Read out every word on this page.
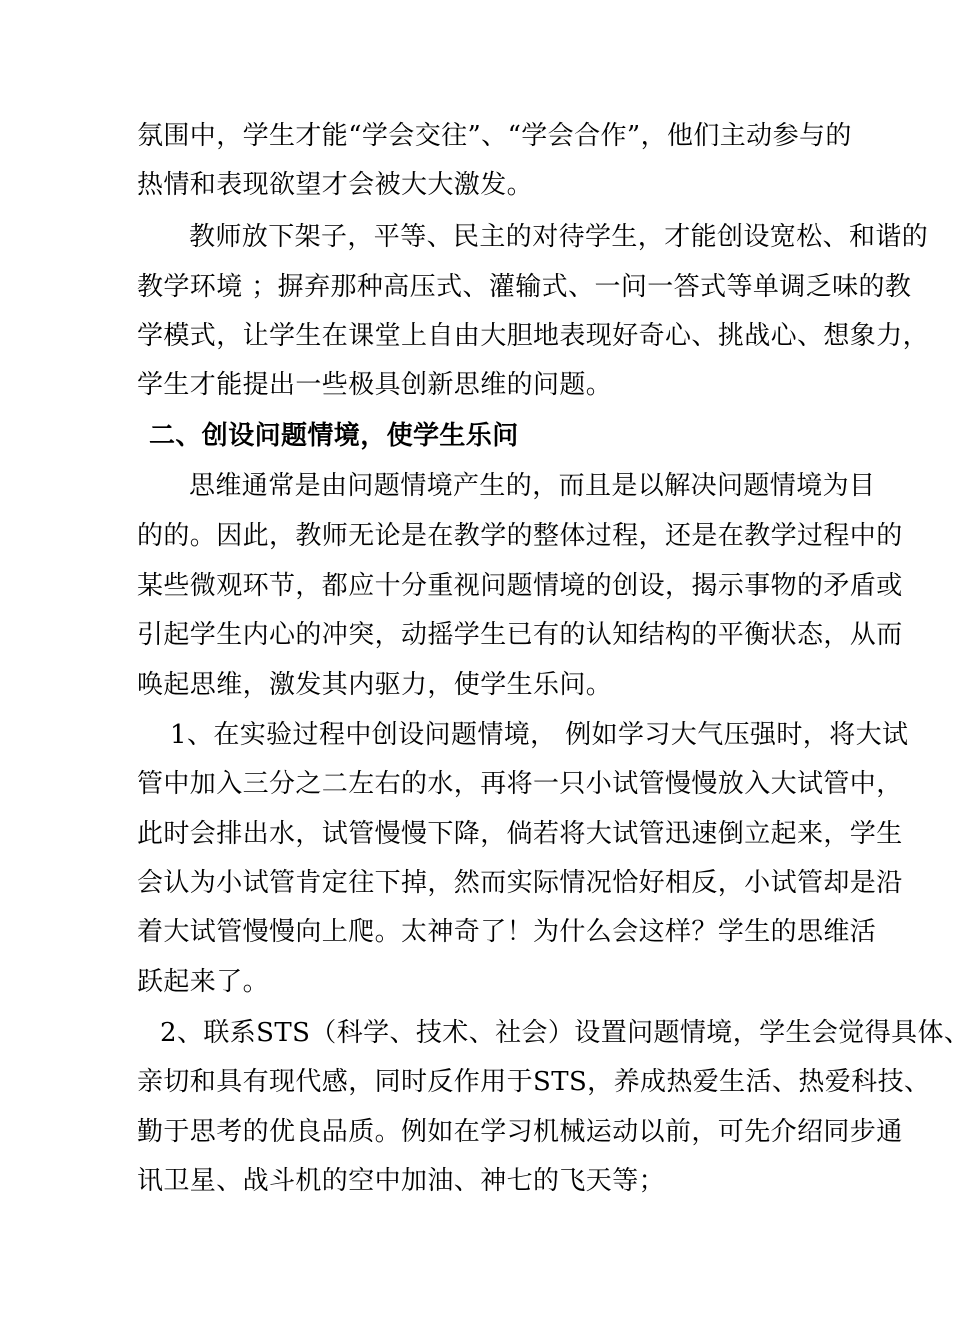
氛围中，学生才能“学会交往”、“学会合作”，他们主动参与的
热情和表现欲望才会被大大激发。
教师放下架子，平等、民主的对待学生，才能创设宽松、和谐的
教学环境 ；摒弃那种高压式、灌输式、一问一答式等单调乏味的教
学模式，让学生在课堂上自由大胆地表现好奇心、挑战心、想象力，
学生才能提出一些极具创新思维的问题。
二、创设问题情境，使学生乐问
思维通常是由问题情境产生的，而且是以解决问题情境为目
的的。因此，教师无论是在教学的整体过程，还是在教学过程中的
某些微观环节，都应十分重视问题情境的创设，揭示事物的矛盾或
引起学生内心的冲突，动摇学生已有的认知结构的平衡状态，从而
唤起思维，激发其内驱力，使学生乐问。
1、在实验过程中创设问题情境， 例如学习大气压强时，将大试
管中加入三分之二左右的水，再将一只小试管慢慢放入大试管中，
此时会排出水，试管慢慢下降，倘若将大试管迅速倒立起来，学生
会认为小试管肯定往下掉，然而实际情况恰好相反，小试管却是沿
着大试管慢慢向上爬。太神奇了！为什么会这样？学生的思维活
跃起来了。
2、联系STS（科学、技术、社会）设置问题情境，学生会觉得具体、
亲切和具有现代感，同时反作用于STS，养成热爱生活、热爱科技、
勤于思考的优良品质。例如在学习机械运动以前，可先介绍同步通
讯卫星、战斗机的空中加油、神七的飞天等；
